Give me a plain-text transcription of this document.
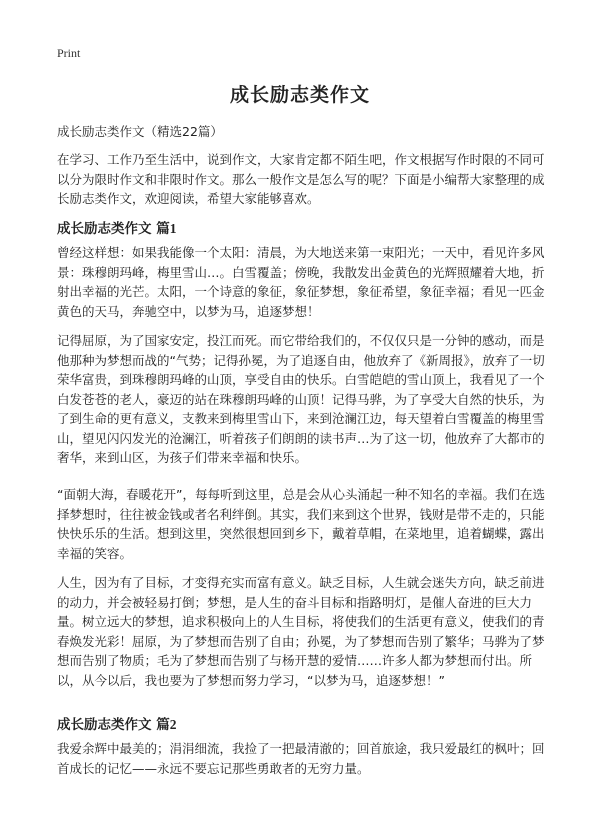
Print
成长励志类作文

成长励志类作文（精选22篇）

在学习、工作乃至生活中，说到作文，大家肯定都不陌生吧，作文根据写作时限的不同可以分为限时作文和非限时作文。那么一般作文是怎么写的呢？下面是小编帮大家整理的成长励志类作文，欢迎阅读，希望大家能够喜欢。

成长励志类作文 篇1

曾经这样想：如果我能像一个太阳：清晨，为大地送来第一束阳光；一天中，看见许多风景：珠穆朗玛峰，梅里雪山…。白雪覆盖；傍晚，我散发出金黄色的光辉照耀着大地，折射出幸福的光芒。太阳，一个诗意的象征，象征梦想，象征希望，象征幸福；看见一匹金黄色的天马，奔驰空中，以梦为马，追逐梦想！

记得屈原，为了国家安定，投江而死。而它带给我们的，不仅仅只是一分钟的感动，而是他那种为梦想而战的“气势；记得孙冕，为了追逐自由，他放弃了《新周报》，放弃了一切荣华富贵，到珠穆朗玛峰的山顶，享受自由的快乐。白雪皑皑的雪山顶上，我看见了一个白发苍苍的老人，豪迈的站在珠穆朗玛峰的山顶！记得马骅，为了享受大自然的快乐，为了到生命的更有意义，支教来到梅里雪山下，来到沧澜江边，每天望着白雪覆盖的梅里雪山，望见闪闪发光的沧澜江，听着孩子们朗朗的读书声…为了这一切，他放弃了大都市的奢华，来到山区，为孩子们带来幸福和快乐。

“面朝大海，春暖花开”，每每听到这里，总是会从心头涌起一种不知名的幸福。我们在选择梦想时，往往被金钱或者名利绊倒。其实，我们来到这个世界，钱财是带不走的，只能快快乐乐的生活。想到这里，突然很想回到乡下，戴着草帽，在菜地里，追着蝴蝶，露出幸福的笑容。

人生，因为有了目标，才变得充实而富有意义。缺乏目标，人生就会迷失方向，缺乏前进的动力，并会被轻易打倒；梦想，是人生的奋斗目标和指路明灯，是催人奋进的巨大力量。树立远大的梦想，追求积极向上的人生目标，将使我们的生活更有意义，使我们的青春焕发光彩！屈原，为了梦想而告别了自由；孙冕，为了梦想而告别了繁华；马骅为了梦想而告别了物质；毛为了梦想而告别了与杨开慧的爱情……许多人都为梦想而付出。所以，从今以后，我也要为了梦想而努力学习，“以梦为马，追逐梦想！”

成长励志类作文 篇2

我爱余辉中最美的；涓涓细流，我捡了一把最清澈的；回首旅途，我只爱最红的枫叶；回首成长的记忆——永远不要忘记那些勇敢者的无穷力量。
